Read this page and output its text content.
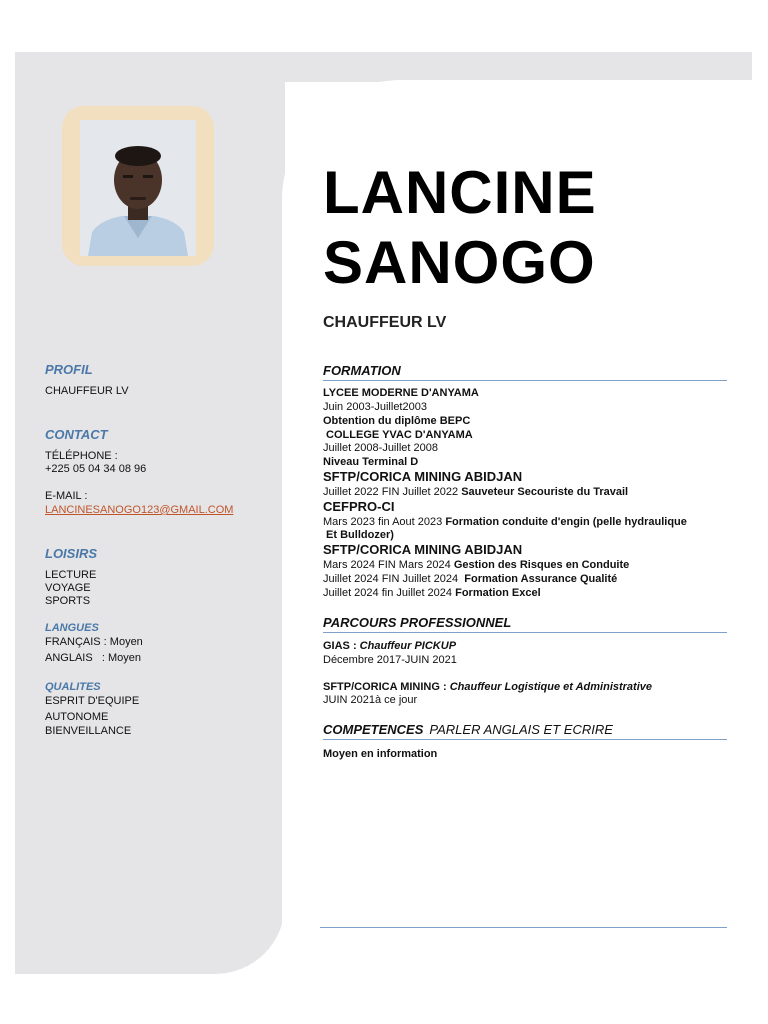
PROFIL
CHAUFFEUR LV
CONTACT
TÉLÉPHONE :
+225 05 04 34 08 96
E-MAIL :
LANCINESANOGO123@GMAIL.COM
LOISIRS
LECTURE
VOYAGE
SPORTS
LANGUES
FRANÇAIS : Moyen
ANGLAIS   : Moyen
QUALITES
ESPRIT D'EQUIPE
AUTONOME
BIENVEILLANCE
LANCINE
SANOGO
CHAUFFEUR LV
FORMATION
LYCEE MODERNE D'ANYAMA
Juin 2003-Juillet2003
Obtention du diplôme BEPC
COLLEGE YVAC D'ANYAMA
Juillet 2008-Juillet 2008
Niveau Terminal D
SFTP/CORICA MINING ABIDJAN
Juillet 2022 FIN Juillet 2022 Sauveteur Secouriste du Travail
CEFPRO-CI
Mars 2023 fin Aout 2023 Formation conduite d'engin (pelle hydraulique
Et Bulldozer)
SFTP/CORICA MINING ABIDJAN
Mars 2024 FIN Mars 2024 Gestion des Risques en Conduite
Juillet 2024 FIN Juillet 2024  Formation Assurance Qualité
Juillet 2024 fin Juillet 2024 Formation Excel
PARCOURS PROFESSIONNEL
GIAS : Chauffeur PICKUP
Décembre 2017-JUIN 2021
SFTP/CORICA MINING : Chauffeur Logistique et Administrative
JUIN 2021à ce jour
COMPETENCES PARLER ANGLAIS ET ECRIRE
Moyen en information
